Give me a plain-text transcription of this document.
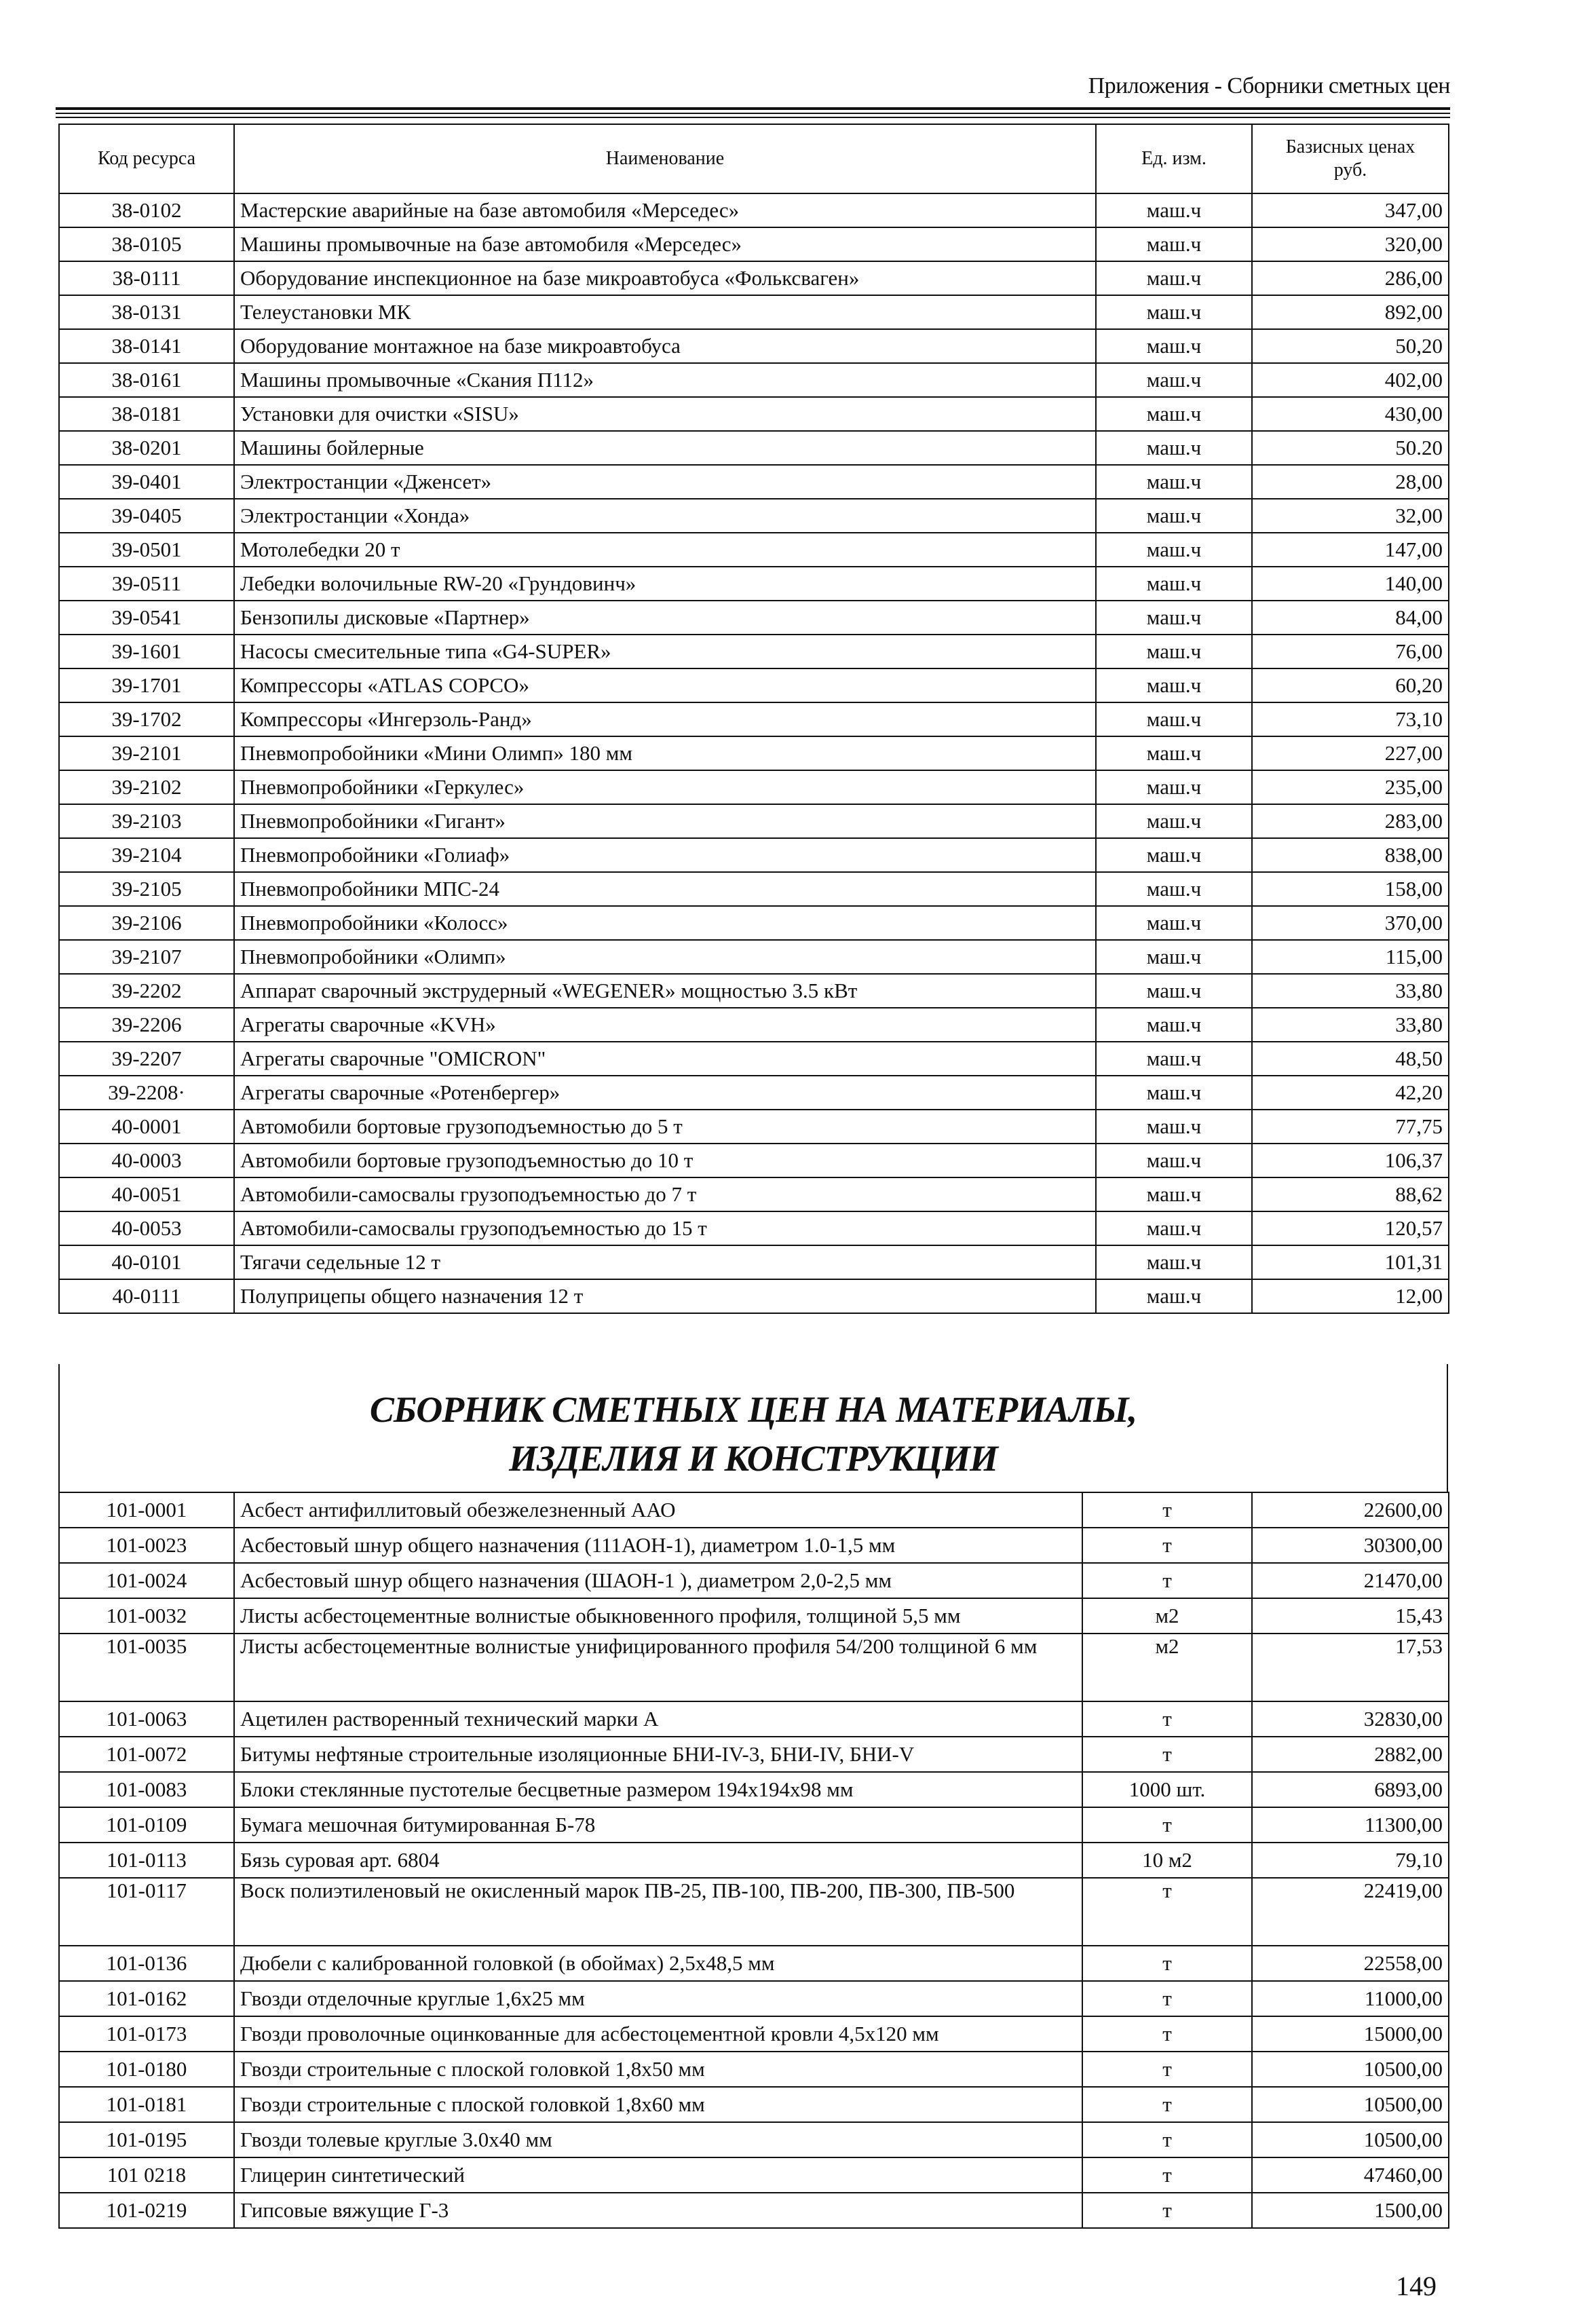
Приложения - Сборники сметных цен
Код ресурса	Наименование	Ед. изм.	Базисных ценах
руб.
38-0102	Мастерские аварийные на базе автомобиля «Мерседес»	маш.ч	347,00
38-0105	Машины промывочные на базе автомобиля «Мерседес»	маш.ч	320,00
38-0111	Оборудование инспекционное на базе микроавтобуса «Фольксваген»	маш.ч	286,00
38-0131	Телеустановки МК	маш.ч	892,00
38-0141	Оборудование монтажное на базе микроавтобуса	маш.ч	50,20
38-0161	Машины промывочные «Скания П112»	маш.ч	402,00
38-0181	Установки для очистки «SISU»	маш.ч	430,00
38-0201	Машины бойлерные	маш.ч	50.20
39-0401	Электростанции «Дженсет»	маш.ч	28,00
39-0405	Электростанции «Хонда»	маш.ч	32,00
39-0501	Мотолебедки 20 т	маш.ч	147,00
39-0511	Лебедки волочильные RW-20 «Грундовинч»	маш.ч	140,00
39-0541	Бензопилы дисковые «Партнер»	маш.ч	84,00
39-1601	Насосы смесительные типа «G4-SUPER»	маш.ч	76,00
39-1701	Компрессоры «ATLAS COPCO»	маш.ч	60,20
39-1702	Компрессоры «Ингерзоль-Ранд»	маш.ч	73,10
39-2101	Пневмопробойники «Мини Олимп» 180 мм	маш.ч	227,00
39-2102	Пневмопробойники «Геркулес»	маш.ч	235,00
39-2103	Пневмопробойники «Гигант»	маш.ч	283,00
39-2104	Пневмопробойники «Голиаф»	маш.ч	838,00
39-2105	Пневмопробойники МПС-24	маш.ч	158,00
39-2106	Пневмопробойники «Колосс»	маш.ч	370,00
39-2107	Пневмопробойники «Олимп»	маш.ч	115,00
39-2202	Аппарат сварочный экструдерный «WEGENER» мощностью 3.5 кВт	маш.ч	33,80
39-2206	Агрегаты сварочные «KVH»	маш.ч	33,80
39-2207	Агрегаты сварочные "OMICRON"	маш.ч	48,50
39-2208·	Агрегаты сварочные «Ротенбергер»	маш.ч	42,20
40-0001	Автомобили бортовые грузоподъемностью до 5 т	маш.ч	77,75
40-0003	Автомобили бортовые грузоподъемностью до 10 т	маш.ч	106,37
40-0051	Автомобили-самосвалы грузоподъемностью до 7 т	маш.ч	88,62
40-0053	Автомобили-самосвалы грузоподъемностью до 15 т	маш.ч	120,57
40-0101	Тягачи седельные 12 т	маш.ч	101,31
40-0111	Полуприцепы общего назначения 12 т	маш.ч	12,00
СБОРНИК СМЕТНЫХ ЦЕН НА МАТЕРИАЛЫ,
ИЗДЕЛИЯ И КОНСТРУКЦИИ
101-0001	Асбест антифиллитовый обезжелезненный ААО	т	22600,00
101-0023	Асбестовый шнур общего назначения (111АОН-1), диаметром 1.0-1,5 мм	т	30300,00
101-0024	Асбестовый шнур общего назначения (ШАОН-1 ), диаметром 2,0-2,5 мм	т	21470,00
101-0032	Листы асбестоцементные волнистые обыкновенного профиля, толщиной 5,5 мм	м2	15,43
101-0035	Листы асбестоцементные волнистые унифицированного профиля 54/200 толщиной 6 мм	м2	17,53
101-0063	Ацетилен растворенный технический марки А	т	32830,00
101-0072	Битумы нефтяные строительные изоляционные БНИ-IV-3, БНИ-IV, БНИ-V	т	2882,00
101-0083	Блоки стеклянные пустотелые бесцветные размером 194x194x98 мм	1000 шт.	6893,00
101-0109	Бумага мешочная битумированная Б-78	т	11300,00
101-0113	Бязь суровая арт. 6804	10 м2	79,10
101-0117	Воск полиэтиленовый не окисленный марок ПВ-25, ПВ-100, ПВ-200, ПВ-300, ПВ-500	т	22419,00
101-0136	Дюбели с калиброванной головкой (в обоймах) 2,5x48,5 мм	т	22558,00
101-0162	Гвозди отделочные круглые 1,6x25 мм	т	11000,00
101-0173	Гвозди проволочные оцинкованные для асбестоцементной кровли 4,5x120 мм	т	15000,00
101-0180	Гвозди строительные с плоской головкой 1,8x50 мм	т	10500,00
101-0181	Гвозди строительные с плоской головкой 1,8x60 мм	т	10500,00
101-0195	Гвозди толевые круглые 3.0x40 мм	т	10500,00
101 0218	Глицерин синтетический	т	47460,00
101-0219	Гипсовые вяжущие Г-3	т	1500,00
149
